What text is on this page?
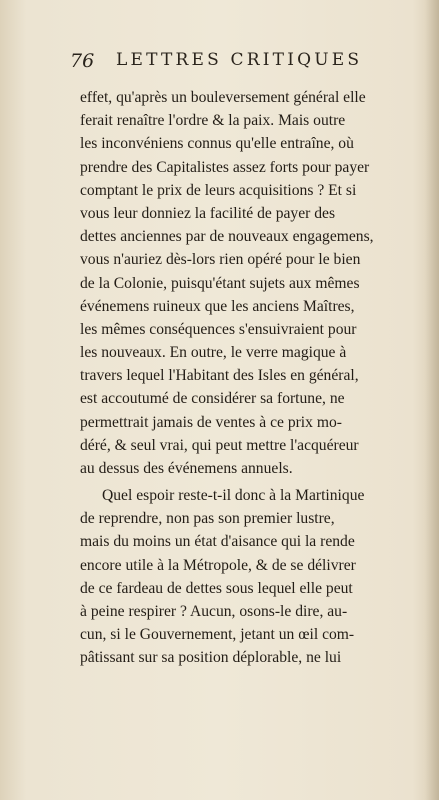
76 LETTRES CRITIQUES
effet, qu'après un bouleversement général elle
ferait renaître l'ordre & la paix. Mais outre
les inconvéniens connus qu'elle entraîne, où
prendre des Capitalistes assez forts pour payer
comptant le prix de leurs acquisitions ? Et si
vous leur donniez la facilité de payer des
dettes anciennes par de nouveaux engagemens,
vous n'auriez dès-lors rien opéré pour le bien
de la Colonie, puisqu'étant sujets aux mêmes
événemens ruineux que les anciens Maîtres,
les mêmes conséquences s'ensuivraient pour
les nouveaux. En outre, le verre magique à
travers lequel l'Habitant des Isles en général,
est accoutumé de considérer sa fortune, ne
permettrait jamais de ventes à ce prix mo-
déré, & seul vrai, qui peut mettre l'acquéreur
au dessus des événemens annuels.
Quel espoir reste-t-il donc à la Martinique
de reprendre, non pas son premier lustre,
mais du moins un état d'aisance qui la rende
encore utile à la Métropole, & de se délivrer
de ce fardeau de dettes sous lequel elle peut
à peine respirer ? Aucun, osons-le dire, au-
cun, si le Gouvernement, jetant un œil com-
pâtissant sur sa position déplorable, ne lui
